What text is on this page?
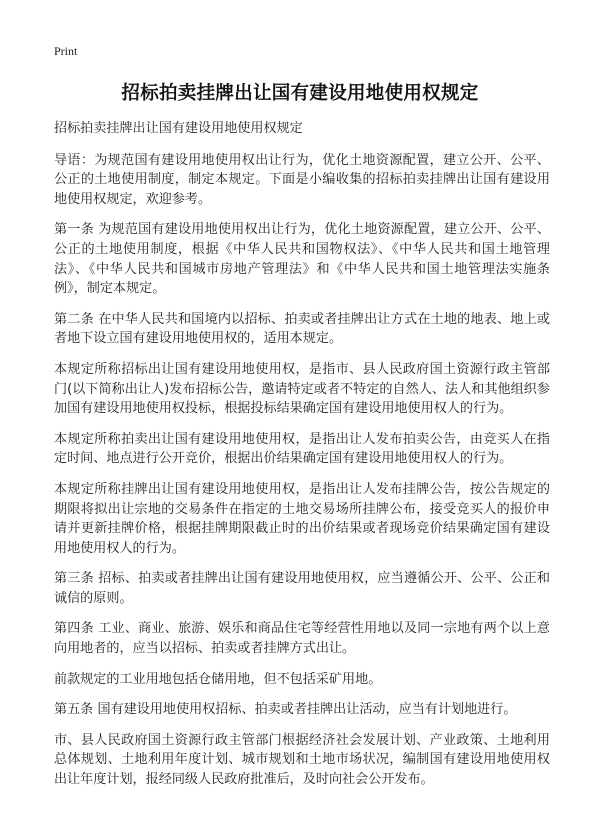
Print
招标拍卖挂牌出让国有建设用地使用权规定

招标拍卖挂牌出让国有建设用地使用权规定

导语：为规范国有建设用地使用权出让行为，优化土地资源配置，建立公开、公平、公正的土地使用制度，制定本规定。下面是小编收集的招标拍卖挂牌出让国有建设用地使用权规定，欢迎参考。

第一条 为规范国有建设用地使用权出让行为，优化土地资源配置，建立公开、公平、公正的土地使用制度，根据《中华人民共和国物权法》、《中华人民共和国土地管理法》、《中华人民共和国城市房地产管理法》和《中华人民共和国土地管理法实施条例》，制定本规定。

第二条 在中华人民共和国境内以招标、拍卖或者挂牌出让方式在土地的地表、地上或者地下设立国有建设用地使用权的，适用本规定。

本规定所称招标出让国有建设用地使用权，是指市、县人民政府国土资源行政主管部门(以下简称出让人)发布招标公告，邀请特定或者不特定的自然人、法人和其他组织参加国有建设用地使用权投标，根据投标结果确定国有建设用地使用权人的行为。

本规定所称拍卖出让国有建设用地使用权，是指出让人发布拍卖公告，由竞买人在指定时间、地点进行公开竞价，根据出价结果确定国有建设用地使用权人的行为。

本规定所称挂牌出让国有建设用地使用权，是指出让人发布挂牌公告，按公告规定的期限将拟出让宗地的交易条件在指定的土地交易场所挂牌公布，接受竞买人的报价申请并更新挂牌价格，根据挂牌期限截止时的出价结果或者现场竞价结果确定国有建设用地使用权人的行为。

第三条 招标、拍卖或者挂牌出让国有建设用地使用权，应当遵循公开、公平、公正和诚信的原则。

第四条 工业、商业、旅游、娱乐和商品住宅等经营性用地以及同一宗地有两个以上意向用地者的，应当以招标、拍卖或者挂牌方式出让。

前款规定的工业用地包括仓储用地，但不包括采矿用地。

第五条 国有建设用地使用权招标、拍卖或者挂牌出让活动，应当有计划地进行。

市、县人民政府国土资源行政主管部门根据经济社会发展计划、产业政策、土地利用总体规划、土地利用年度计划、城市规划和土地市场状况，编制国有建设用地使用权出让年度计划，报经同级人民政府批准后，及时向社会公开发布。
